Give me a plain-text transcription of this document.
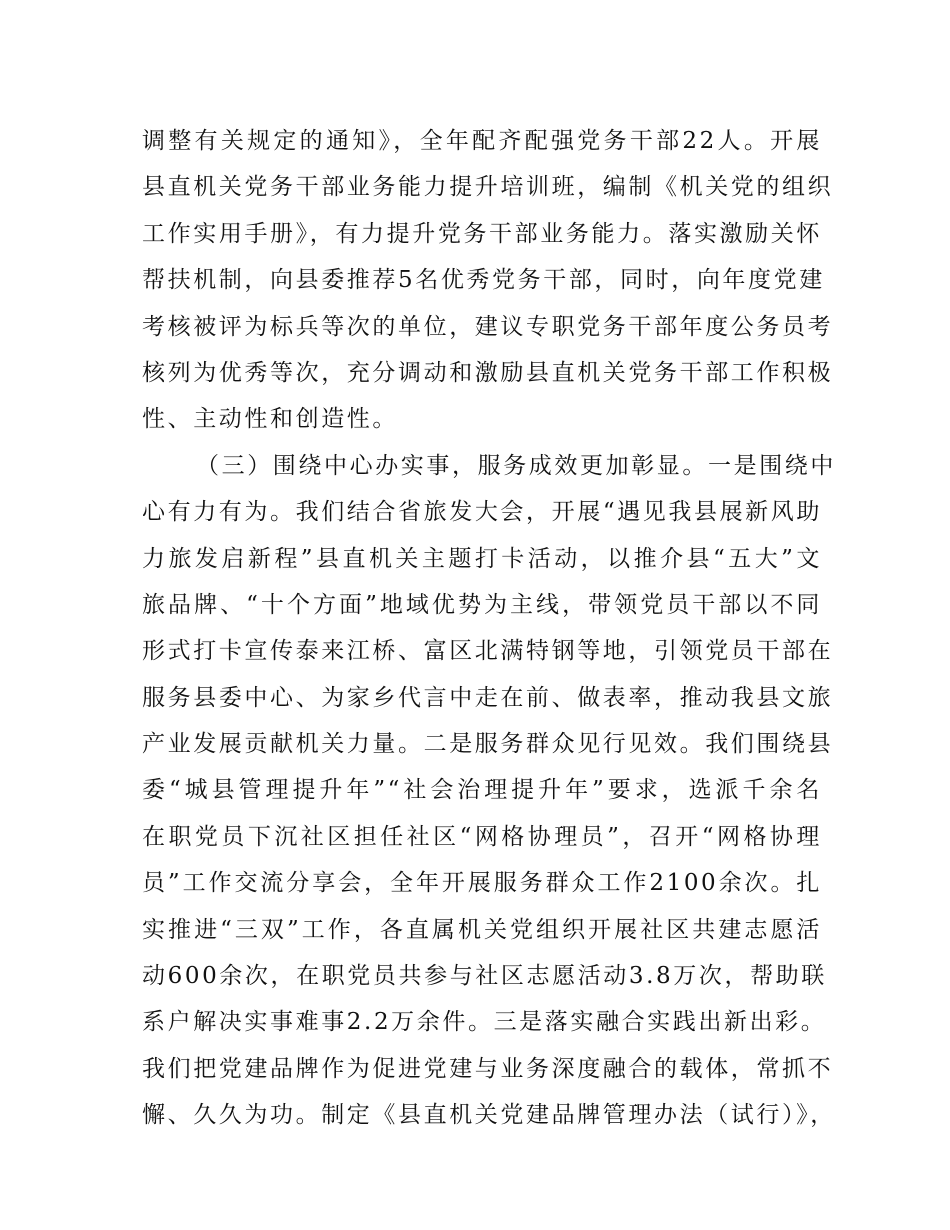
调整有关规定的通知》，全年配齐配强党务干部22人。开展
县直机关党务干部业务能力提升培训班，编制《机关党的组织
工作实用手册》，有力提升党务干部业务能力。落实激励关怀
帮扶机制，向县委推荐5名优秀党务干部，同时，向年度党建
考核被评为标兵等次的单位，建议专职党务干部年度公务员考
核列为优秀等次，充分调动和激励县直机关党务干部工作积极
性、主动性和创造性。
（三）围绕中心办实事，服务成效更加彰显。一是围绕中
心有力有为。我们结合省旅发大会，开展“遇见我县展新风助
力旅发启新程”县直机关主题打卡活动，以推介县“五大”文
旅品牌、“十个方面”地域优势为主线，带领党员干部以不同
形式打卡宣传泰来江桥、富区北满特钢等地，引领党员干部在
服务县委中心、为家乡代言中走在前、做表率，推动我县文旅
产业发展贡献机关力量。二是服务群众见行见效。我们围绕县
委“城县管理提升年”“社会治理提升年”要求，选派千余名
在职党员下沉社区担任社区“网格协理员”，召开“网格协理
员”工作交流分享会，全年开展服务群众工作2100余次。扎
实推进“三双”工作，各直属机关党组织开展社区共建志愿活
动600余次，在职党员共参与社区志愿活动3.8万次，帮助联
系户解决实事难事2.2万余件。三是落实融合实践出新出彩。
我们把党建品牌作为促进党建与业务深度融合的载体，常抓不
懈、久久为功。制定《县直机关党建品牌管理办法（试行）》，
